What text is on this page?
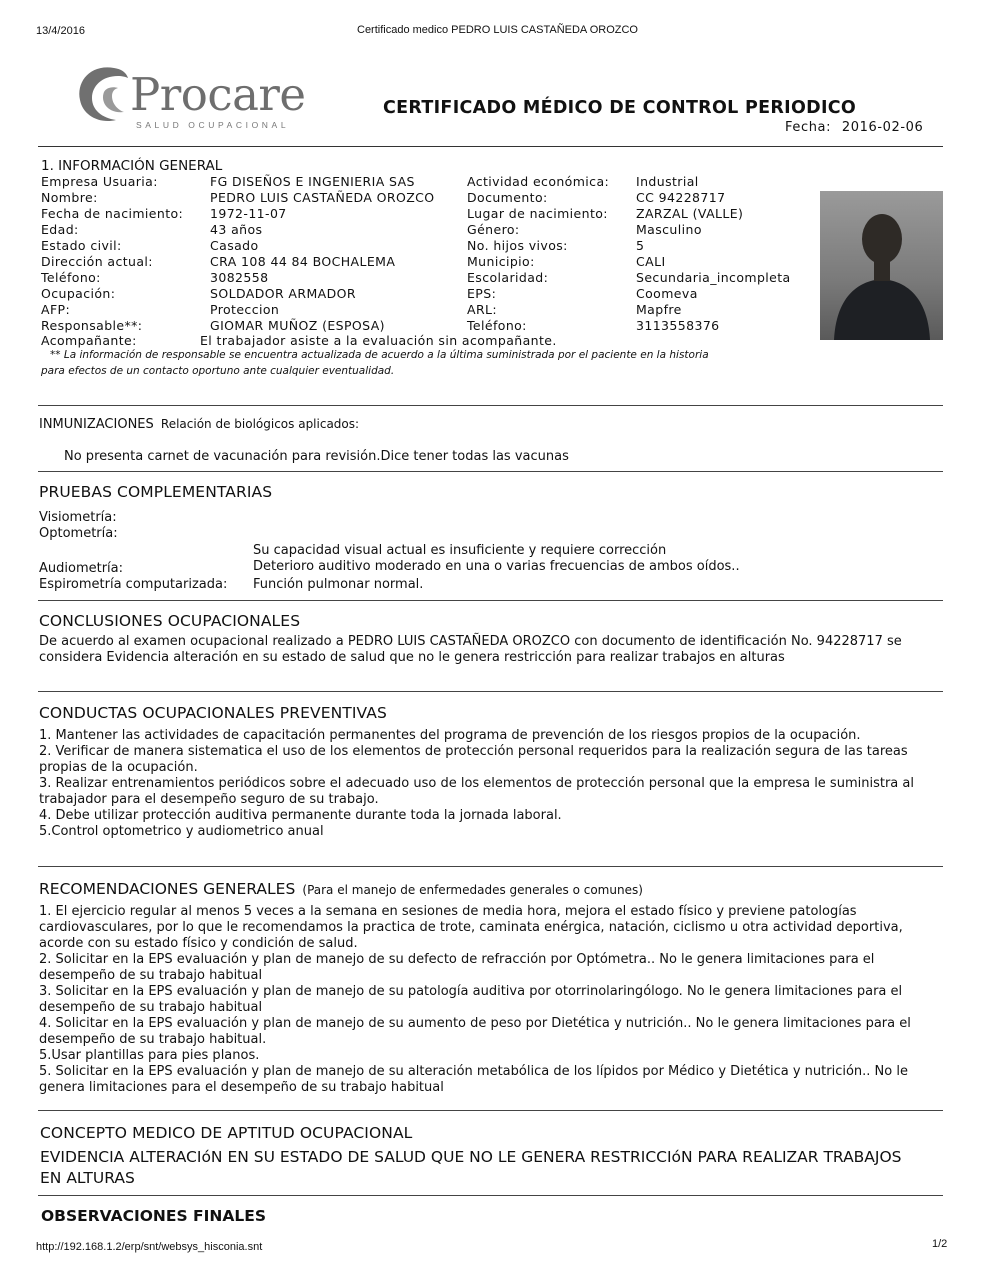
13/4/2016	Certificado medico PEDRO LUIS CASTAÑEDA OROZCO
Procare
SALUD OCUPACIONAL
CERTIFICADO MÉDICO DE CONTROL PERIODICO
Fecha: 2016-02-06
1. INFORMACIÓN GENERAL
Empresa Usuaria:	FG DISEÑOS E INGENIERIA SAS	Actividad económica: Industrial
Nombre:	PEDRO LUIS CASTAÑEDA OROZCO	Documento:	CC 94228717
Fecha de nacimiento: 1972-11-07	Lugar de nacimiento: ZARZAL (VALLE)
Edad:	43 años	Género:	Masculino
Estado civil:	Casado	No. hijos vivos:	5
Dirección actual:	CRA 108 44 84 BOCHALEMA	Municipio:	CALI
Teléfono:	3082558	Escolaridad:	Secundaria_incompleta
Ocupación:	SOLDADOR ARMADOR	EPS:	Coomeva
AFP:	Proteccion	ARL:	Mapfre
Responsable**:	GIOMAR MUÑOZ (ESPOSA)	Teléfono:	3113558376
Acompañante:	El trabajador asiste a la evaluación sin acompañante.
** La información de responsable se encuentra actualizada de acuerdo a la última suministrada por el paciente en la historia
para efectos de un contacto oportuno ante cualquier eventualidad.
INMUNIZACIONES Relación de biológicos aplicados:
No presenta carnet de vacunación para revisión.Dice tener todas las vacunas
PRUEBAS COMPLEMENTARIAS
Visiometría:
Optometría:
Su capacidad visual actual es insuficiente y requiere corrección
Audiometría:	Deterioro auditivo moderado en una o varias frecuencias de ambos oídos..
Espirometría computarizada: Función pulmonar normal.
CONCLUSIONES OCUPACIONALES
De acuerdo al examen ocupacional realizado a PEDRO LUIS CASTAÑEDA OROZCO con documento de identificación No. 94228717 se considera Evidencia alteración en su estado de salud que no le genera restricción para realizar trabajos en alturas
CONDUCTAS OCUPACIONALES PREVENTIVAS

1. Mantener las actividades de capacitación permanentes del programa de prevención de los riesgos propios de la ocupación.

2. Verificar de manera sistematica el uso de los elementos de protección personal requeridos para la realización segura de las tareas propias de la ocupación.

3. Realizar entrenamientos periódicos sobre el adecuado uso de los elementos de protección personal que la empresa le suministra al trabajador para el desempeño seguro de su trabajo.

4. Debe utilizar protección auditiva permanente durante toda la jornada laboral.

5.Control optometrico y audiometrico anual

RECOMENDACIONES GENERALES (Para el manejo de enfermedades generales o comunes)

1. El ejercicio regular al menos 5 veces a la semana en sesiones de media hora, mejora el estado físico y previene patologías cardiovasculares, por lo que le recomendamos la practica de trote, caminata enérgica, natación, ciclismo u otra actividad deportiva, acorde con su estado físico y condición de salud.

2. Solicitar en la EPS evaluación y plan de manejo de su defecto de refracción por Optómetra.. No le genera limitaciones para el desempeño de su trabajo habitual

3. Solicitar en la EPS evaluación y plan de manejo de su patología auditiva por otorrinolaringólogo. No le genera limitaciones para el desempeño de su trabajo habitual

4. Solicitar en la EPS evaluación y plan de manejo de su aumento de peso por Dietética y nutrición.. No le genera limitaciones para el desempeño de su trabajo habitual.

5.Usar plantillas para pies planos.

5. Solicitar en la EPS evaluación y plan de manejo de su alteración metabólica de los lípidos por Médico y Dietética y nutrición.. No le genera limitaciones para el desempeño de su trabajo habitual

CONCEPTO MEDICO DE APTITUD OCUPACIONAL
EVIDENCIA ALTERACIóN EN SU ESTADO DE SALUD QUE NO LE GENERA RESTRICCIóN PARA REALIZAR TRABAJOS EN ALTURAS
OBSERVACIONES FINALES
http://192.168.1.2/erp/snt/websys_hisconia.snt	1/2
